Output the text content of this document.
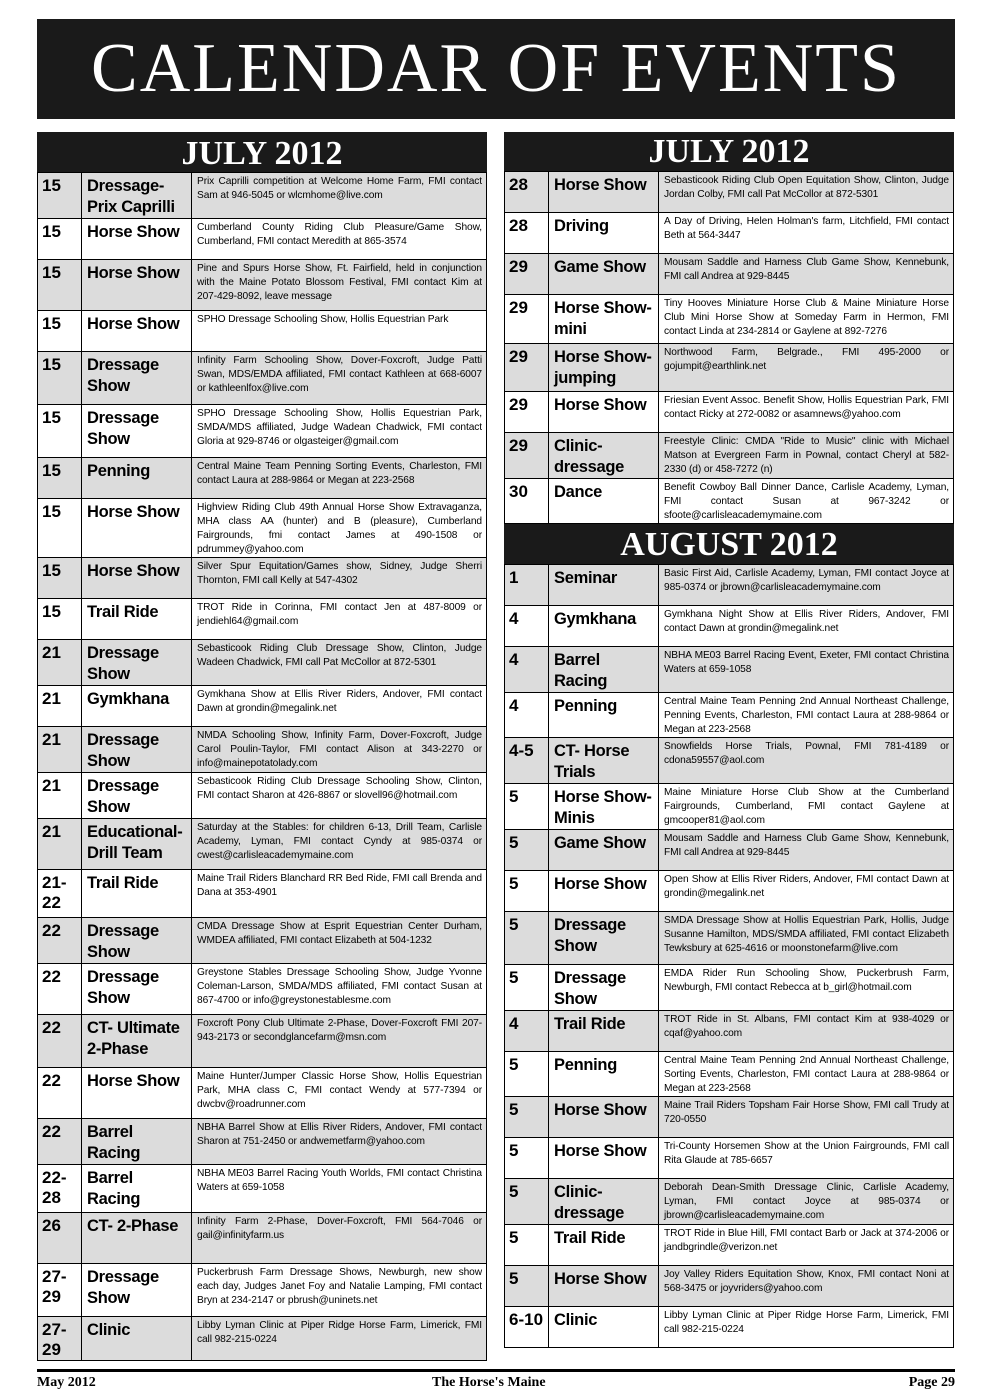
CALENDAR OF EVENTS
JULY 2012
15	Dressage- Prix Caprilli	Prix Caprilli competition at Welcome Home Farm, FMI contact Sam at 946-5045 or wlcmhome@live.com
15	Horse Show	Cumberland County Riding Club Pleasure/Game Show, Cumberland, FMI contact Meredith at 865-3574
15	Horse Show	Pine and Spurs Horse Show, Ft. Fairfield, held in conjunction with the Maine Potato Blossom Festival, FMI contact Kim at 207-429-8092, leave message
15	Horse Show	SPHO Dressage Schooling Show, Hollis Equestrian Park
15	Dressage Show	Infinity Farm Schooling Show, Dover-Foxcroft, Judge Patti Swan, MDS/EMDA affiliated, FMI contact Kathleen at 668-6007 or kathleenlfox@live.com
15	Dressage Show	SPHO Dressage Schooling Show, Hollis Equestrian Park, SMDA/MDS affiliated, Judge Wadean Chadwick, FMI contact Gloria at 929-8746 or olgasteiger@gmail.com
15	Penning	Central Maine Team Penning Sorting Events, Charleston, FMI contact Laura at 288-9864 or Megan at 223-2568
15	Horse Show	Highview Riding Club 49th Annual Horse Show Extravaganza, MHA class AA (hunter) and B (pleasure), Cumberland Fairgrounds, fmi contact James at 490-1508 or pdrummey@yahoo.com
15	Horse Show	Silver Spur Equitation/Games show, Sidney, Judge Sherri Thornton, FMI call Kelly at 547-4302
15	Trail Ride	TROT Ride in Corinna, FMI contact Jen at 487-8009 or jendiehl64@gmail.com
21	Dressage Show	Sebasticook Riding Club Dressage Show, Clinton, Judge Wadeen Chadwick, FMI call Pat McCollor at 872-5301
21	Gymkhana	Gymkhana Show at Ellis River Riders, Andover, FMI contact Dawn at grondin@megalink.net
21	Dressage Show	NMDA Schooling Show, Infinity Farm, Dover-Foxcroft, Judge Carol Poulin-Taylor, FMI contact Alison at 343-2270 or info@mainepotatolady.com
21	Dressage Show	Sebasticook Riding Club Dressage Schooling Show, Clinton, FMI contact Sharon at 426-8867 or slovell96@hotmail.com
21	Educational- Drill Team	Saturday at the Stables: for children 6-13, Drill Team, Carlisle Academy, Lyman, FMI contact Cyndy at 985-0374 or cwest@carlisleacademymaine.com
21-22	Trail Ride	Maine Trail Riders Blanchard RR Bed Ride, FMI call Brenda and Dana at 353-4901
22	Dressage Show	CMDA Dressage Show at Esprit Equestrian Center Durham, WMDEA affiliated, FMI contact Elizabeth at 504-1232
22	Dressage Show	Greystone Stables Dressage Schooling Show, Judge Yvonne Coleman-Larson, SMDA/MDS affiliated, FMI contact Susan at 867-4700 or info@greystonestablesme.com
22	CT- Ultimate 2-Phase	Foxcroft Pony Club Ultimate 2-Phase, Dover-Foxcroft FMI 207-943-2173 or secondglancefarm@msn.com
22	Horse Show	Maine Hunter/Jumper Classic Horse Show, Hollis Equestrian Park, MHA class C, FMI contact Wendy at 577-7394 or dwcbv@roadrunner.com
22	Barrel Racing	NBHA Barrel Show at Ellis River Riders, Andover, FMI contact Sharon at 751-2450 or andwemetfarm@yahoo.com
22-28	Barrel Racing	NBHA ME03 Barrel Racing Youth Worlds, FMI contact Christina Waters at 659-1058
26	CT- 2-Phase	Infinity Farm 2-Phase, Dover-Foxcroft, FMI 564-7046 or gail@infinityfarm.us
27-29	Dressage Show	Puckerbrush Farm Dressage Shows, Newburgh, new show each day, Judges Janet Foy and Natalie Lamping, FMI contact Bryn at 234-2147 or pbrush@uninets.net
27-29	Clinic	Libby Lyman Clinic at Piper Ridge Horse Farm, Limerick, FMI call 982-215-0224
JULY 2012
28	Horse Show	Sebasticook Riding Club Open Equitation Show, Clinton, Judge Jordan Colby, FMI call Pat McCollor at 872-5301
28	Driving	A Day of Driving, Helen Holman's farm, Litchfield, FMI contact Beth at 564-3447
29	Game Show	Mousam Saddle and Harness Club Game Show, Kennebunk, FMI call Andrea at 929-8445
29	Horse Show- mini	Tiny Hooves Miniature Horse Club & Maine Miniature Horse Club Mini Horse Show at Someday Farm in Hermon, FMI contact Linda at 234-2814 or Gaylene at 892-7276
29	Horse Show- jumping	Northwood Farm, Belgrade., FMI 495-2000 or gojumpit@earthlink.net
29	Horse Show	Friesian Event Assoc. Benefit Show, Hollis Equestrian Park, FMI contact Ricky at 272-0082 or asamnews@yahoo.com
29	Clinic- dressage	Freestyle Clinic: CMDA "Ride to Music" clinic with Michael Matson at Evergreen Farm in Pownal, contact Cheryl at 582-2330 (d) or 458-7272 (n)
30	Dance	Benefit Cowboy Ball Dinner Dance, Carlisle Academy, Lyman, FMI contact Susan at 967-3242 or sfoote@carlisleacademymaine.com
AUGUST 2012
1	Seminar	Basic First Aid, Carlisle Academy, Lyman, FMI contact Joyce at 985-0374 or jbrown@carlisleacademymaine.com
4	Gymkhana	Gymkhana Night Show at Ellis River Riders, Andover, FMI contact Dawn at grondin@megalink.net
4	Barrel Racing	NBHA ME03 Barrel Racing Event, Exeter, FMI contact Christina Waters at 659-1058
4	Penning	Central Maine Team Penning 2nd Annual Northeast Challenge, Penning Events, Charleston, FMI contact Laura at 288-9864 or Megan at 223-2568
4-5	CT- Horse Trials	Snowfields Horse Trials, Pownal, FMI 781-4189 or cdona59557@aol.com
5	Horse Show- Minis	Maine Miniature Horse Club Show at the Cumberland Fairgrounds, Cumberland, FMI contact Gaylene at gmcooper81@aol.com
5	Game Show	Mousam Saddle and Harness Club Game Show, Kennebunk, FMI call Andrea at 929-8445
5	Horse Show	Open Show at Ellis River Riders, Andover, FMI contact Dawn at grondin@megalink.net
5	Dressage Show	SMDA Dressage Show at Hollis Equestrian Park, Hollis, Judge Susanne Hamilton, MDS/SMDA affiliated, FMI contact Elizabeth Tewksbury at 625-4616 or moonstonefarm@live.com
5	Dressage Show	EMDA Rider Run Schooling Show, Puckerbrush Farm, Newburgh, FMI contact Rebecca at b_girl@hotmail.com
4	Trail Ride	TROT Ride in St. Albans, FMI contact Kim at 938-4029 or cqaf@yahoo.com
5	Penning	Central Maine Team Penning 2nd Annual Northeast Challenge, Sorting Events, Charleston, FMI contact Laura at 288-9864 or Megan at 223-2568
5	Horse Show	Maine Trail Riders Topsham Fair Horse Show, FMI call Trudy at 720-0550
5	Horse Show	Tri-County Horsemen Show at the Union Fairgrounds, FMI call Rita Glaude at 785-6657
5	Clinic- dressage	Deborah Dean-Smith Dressage Clinic, Carlisle Academy, Lyman, FMI contact Joyce at 985-0374 or jbrown@carlisleacademymaine.com
5	Trail Ride	TROT Ride in Blue Hill, FMI contact Barb or Jack at 374-2006 or jandbgrindle@verizon.net
5	Horse Show	Joy Valley Riders Equitation Show, Knox, FMI contact Noni at 568-3475 or joyvriders@yahoo.com
6-10	Clinic	Libby Lyman Clinic at Piper Ridge Horse Farm, Limerick, FMI call 982-215-0224
May 2012	The Horse's Maine	Page 29
